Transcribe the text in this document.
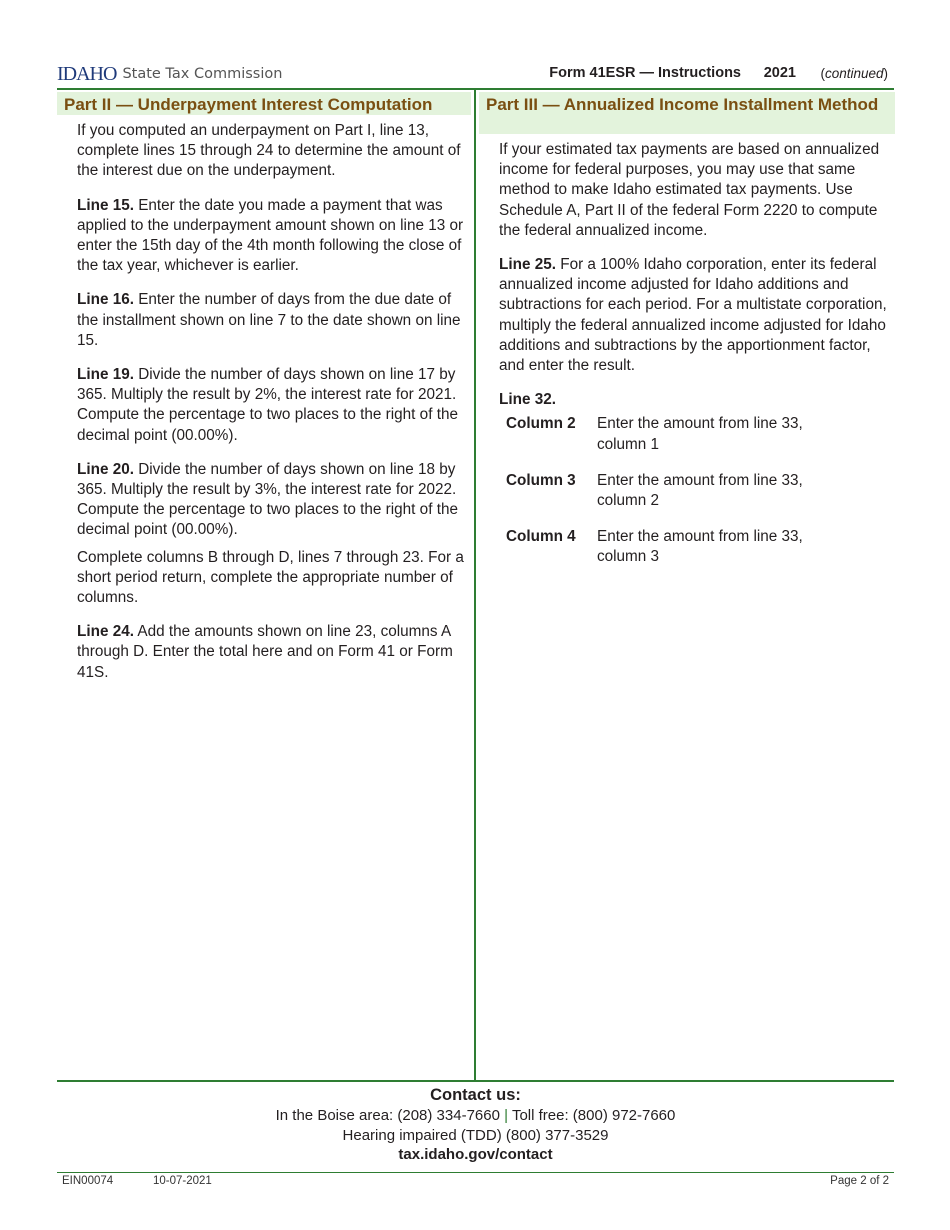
IDAHO State Tax Commission	Form 41ESR — Instructions 2021 (continued)
Part II — Underpayment Interest Computation

If you computed an underpayment on Part I, line 13, complete lines 15 through 24 to determine the amount of the interest due on the underpayment.

Line 15. Enter the date you made a payment that was applied to the underpayment amount shown on line 13 or enter the 15th day of the 4th month following the close of the tax year, whichever is earlier.

Line 16. Enter the number of days from the due date of the installment shown on line 7 to the date shown on line 15.

Line 19. Divide the number of days shown on line 17 by 365. Multiply the result by 2%, the interest rate for 2021. Compute the percentage to two places to the right of the decimal point (00.00%).

Line 20. Divide the number of days shown on line 18 by 365. Multiply the result by 3%, the interest rate for 2022. Compute the percentage to two places to the right of the decimal point (00.00%).

Complete columns B through D, lines 7 through 23. For a short period return, complete the appropriate number of columns.

Line 24. Add the amounts shown on line 23, columns A through D. Enter the total here and on Form 41 or Form 41S.

Part III — Annualized Income Installment Method

If your estimated tax payments are based on annualized income for federal purposes, you may use that same method to make Idaho estimated tax payments. Use Schedule A, Part II of the federal Form 2220 to compute the federal annualized income.

Line 25. For a 100% Idaho corporation, enter its federal annualized income adjusted for Idaho additions and subtractions for each period. For a multistate corporation, multiply the federal annualized income adjusted for Idaho additions and subtractions by the apportionment factor, and enter the result.

Line 32.
Column 2	Enter the amount from line 33, column 1
Column 3	Enter the amount from line 33, column 2
Column 4	Enter the amount from line 33, column 3
Contact us:
In the Boise area: (208) 334-7660 | Toll free: (800) 972-7660
Hearing impaired (TDD) (800) 377-3529
tax.idaho.gov/contact
EIN00074	10-07-2021	Page 2 of 2
